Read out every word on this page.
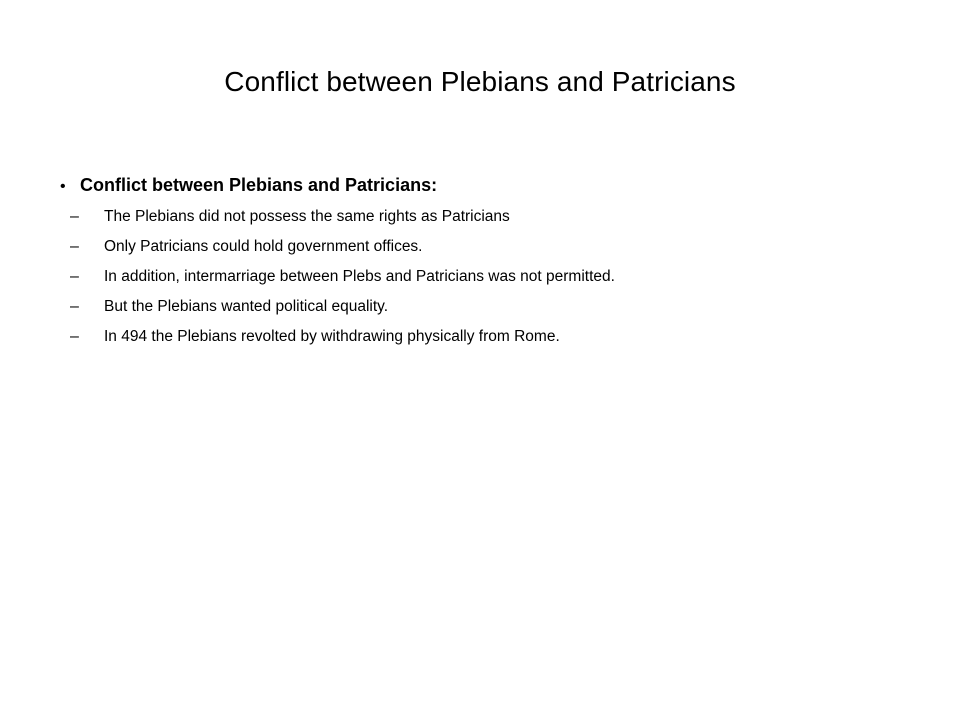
Conflict between Plebians and Patricians
• Conflict between Plebians and Patricians:
–	The Plebians did not possess the same rights as Patricians
–	Only Patricians could hold government offices.
–	In addition, intermarriage between Plebs and Patricians was not permitted.
–	But the Plebians wanted political equality.
–	In 494 the Plebians revolted by withdrawing physically from Rome.
